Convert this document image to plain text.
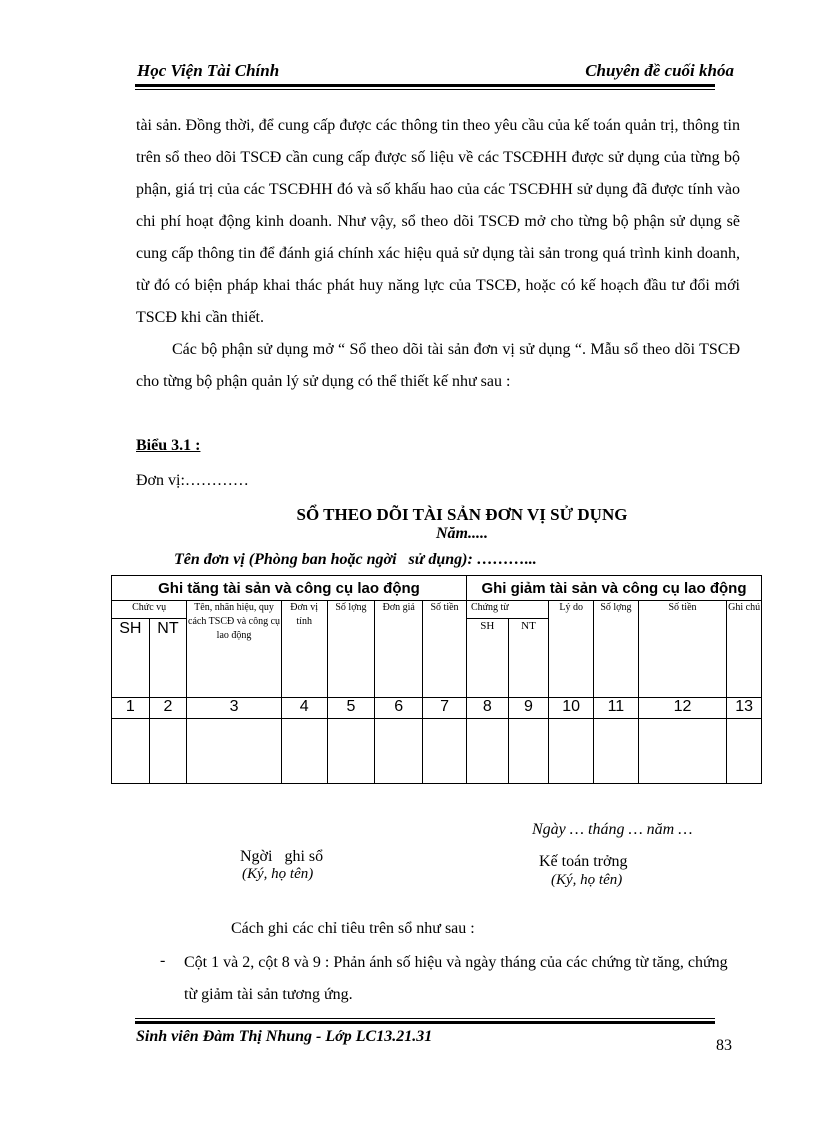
Học Viện Tài Chính	Chuyên đề cuối khóa

tài sản. Đồng thời, để cung cấp được các thông tin theo yêu cầu của kế toán quản trị, thông tin trên sổ theo dõi TSCĐ cần cung cấp được số liệu về các TSCĐHH được sử dụng của từng bộ phận, giá trị của các TSCĐHH đó và số khấu hao của các TSCĐHH sử dụng đã được tính vào chi phí hoạt động kinh doanh. Như vậy, sổ theo dõi TSCĐ mở cho từng bộ phận sử dụng sẽ cung cấp thông tin để đánh giá chính xác hiệu quả sử dụng tài sản trong quá trình kinh doanh, từ đó có biện pháp khai thác phát huy năng lực của TSCĐ, hoặc có kế hoạch đầu tư đổi mới TSCĐ khi cần thiết.

Các bộ phận sử dụng mở “ Sổ theo dõi tài sản đơn vị sử dụng “. Mẫu sổ theo dõi TSCĐ cho từng bộ phận quản lý sử dụng có thể thiết kế như sau :

Biểu 3.1 :
Đơn vị:…………
SỔ THEO DÕI TÀI SẢN ĐƠN VỊ SỬ DỤNG
Năm.....
Tên đơn vị (Phòng ban hoặc ngời   sử dụng): ………...
Ghi tăng tài sản và công cụ lao động							Ghi giảm tài sản và công cụ lao động					
Chức vụ		Tên, nhãn hiệu, quy cách TSCĐ và công cụ lao động	Đơn vị tính	Số lợng	Đơn giá	Số tiền	Chứng từ		Lý do	Số lợng	Số tiền	Ghi chú
SH	NT						SH	NT				
1	2	3	4	5	6	7	8	9	10	11	12	13

Ngày … tháng … năm …
Ngời   ghi sổ
(Ký, họ tên)
Kế toán trởng
(Ký, họ tên)
Cách ghi các chỉ tiêu trên sổ như sau :
- Cột 1 và 2, cột 8 và 9 : Phản ánh số hiệu và ngày tháng của các chứng từ tăng, chứng từ giảm tài sản tương ứng.
Sinh viên Đàm Thị Nhung - Lớp LC13.21.31
83
